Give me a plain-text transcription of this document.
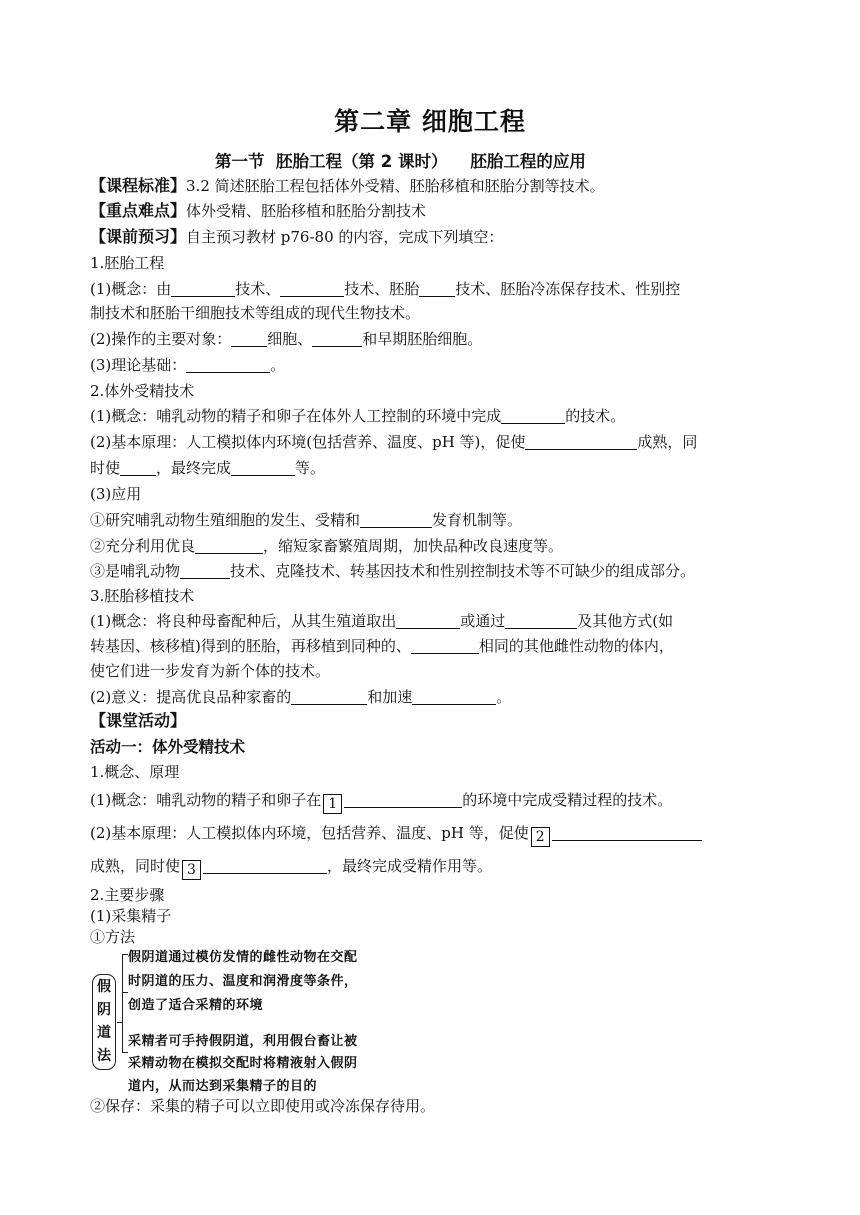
第二章 细胞工程
第一节  胚胎工程（第 2 课时）    胚胎工程的应用
【课程标准】3.2 简述胚胎工程包括体外受精、胚胎移植和胚胎分割等技术。
【重点难点】体外受精、胚胎移植和胚胎分割技术
【课前预习】自主预习教材 p76-80 的内容，完成下列填空：
1.胚胎工程
(1)概念：由	技术、	技术、胚胎 技术、胚胎冷冻保存技术、性别控
制技术和胚胎干细胞技术等组成的现代生物技术。
(2)操作的主要对象： 细胞、	和早期胚胎细胞。
(3)理论基础：	。
2.体外受精技术
(1)概念：哺乳动物的精子和卵子在体外人工控制的环境中完成	的技术。
(2)基本原理：人工模拟体内环境(包括营养、温度、pH 等)，促使	成熟，同
时使 ，最终完成	等。
(3)应用
①研究哺乳动物生殖细胞的发生、受精和	发育机制等。
②充分利用优良	，缩短家畜繁殖周期，加快品种改良速度等。
③是哺乳动物	技术、克隆技术、转基因技术和性别控制技术等不可缺少的组成部分。
3.胚胎移植技术
(1)概念：将良种母畜配种后，从其生殖道取出	或通过	及其他方式(如
转基因、核移植)得到的胚胎，再移植到同种的、	相同的其他雌性动物的体内，
使它们进一步发育为新个体的技术。
(2)意义：提高优良品种家畜的	和加速	。
【课堂活动】
活动一：体外受精技术
1.概念、原理
(1)概念：哺乳动物的精子和卵子在 1	的环境中完成受精过程的技术。
(2)基本原理：人工模拟体内环境，包括营养、温度、pH 等，促使 2
成熟，同时使 3	，最终完成受精作用等。
2.主要步骤
(1)采集精子
①方法
假
阴
道
法
假阴道通过模仿发情的雌性动物在交配
时阴道的压力、温度和润滑度等条件，
创造了适合采精的环境
采精者可手持假阴道，利用假台畜让被
采精动物在模拟交配时将精液射入假阴
道内，从而达到采集精子的目的
②保存：采集的精子可以立即使用或冷冻保存待用。
